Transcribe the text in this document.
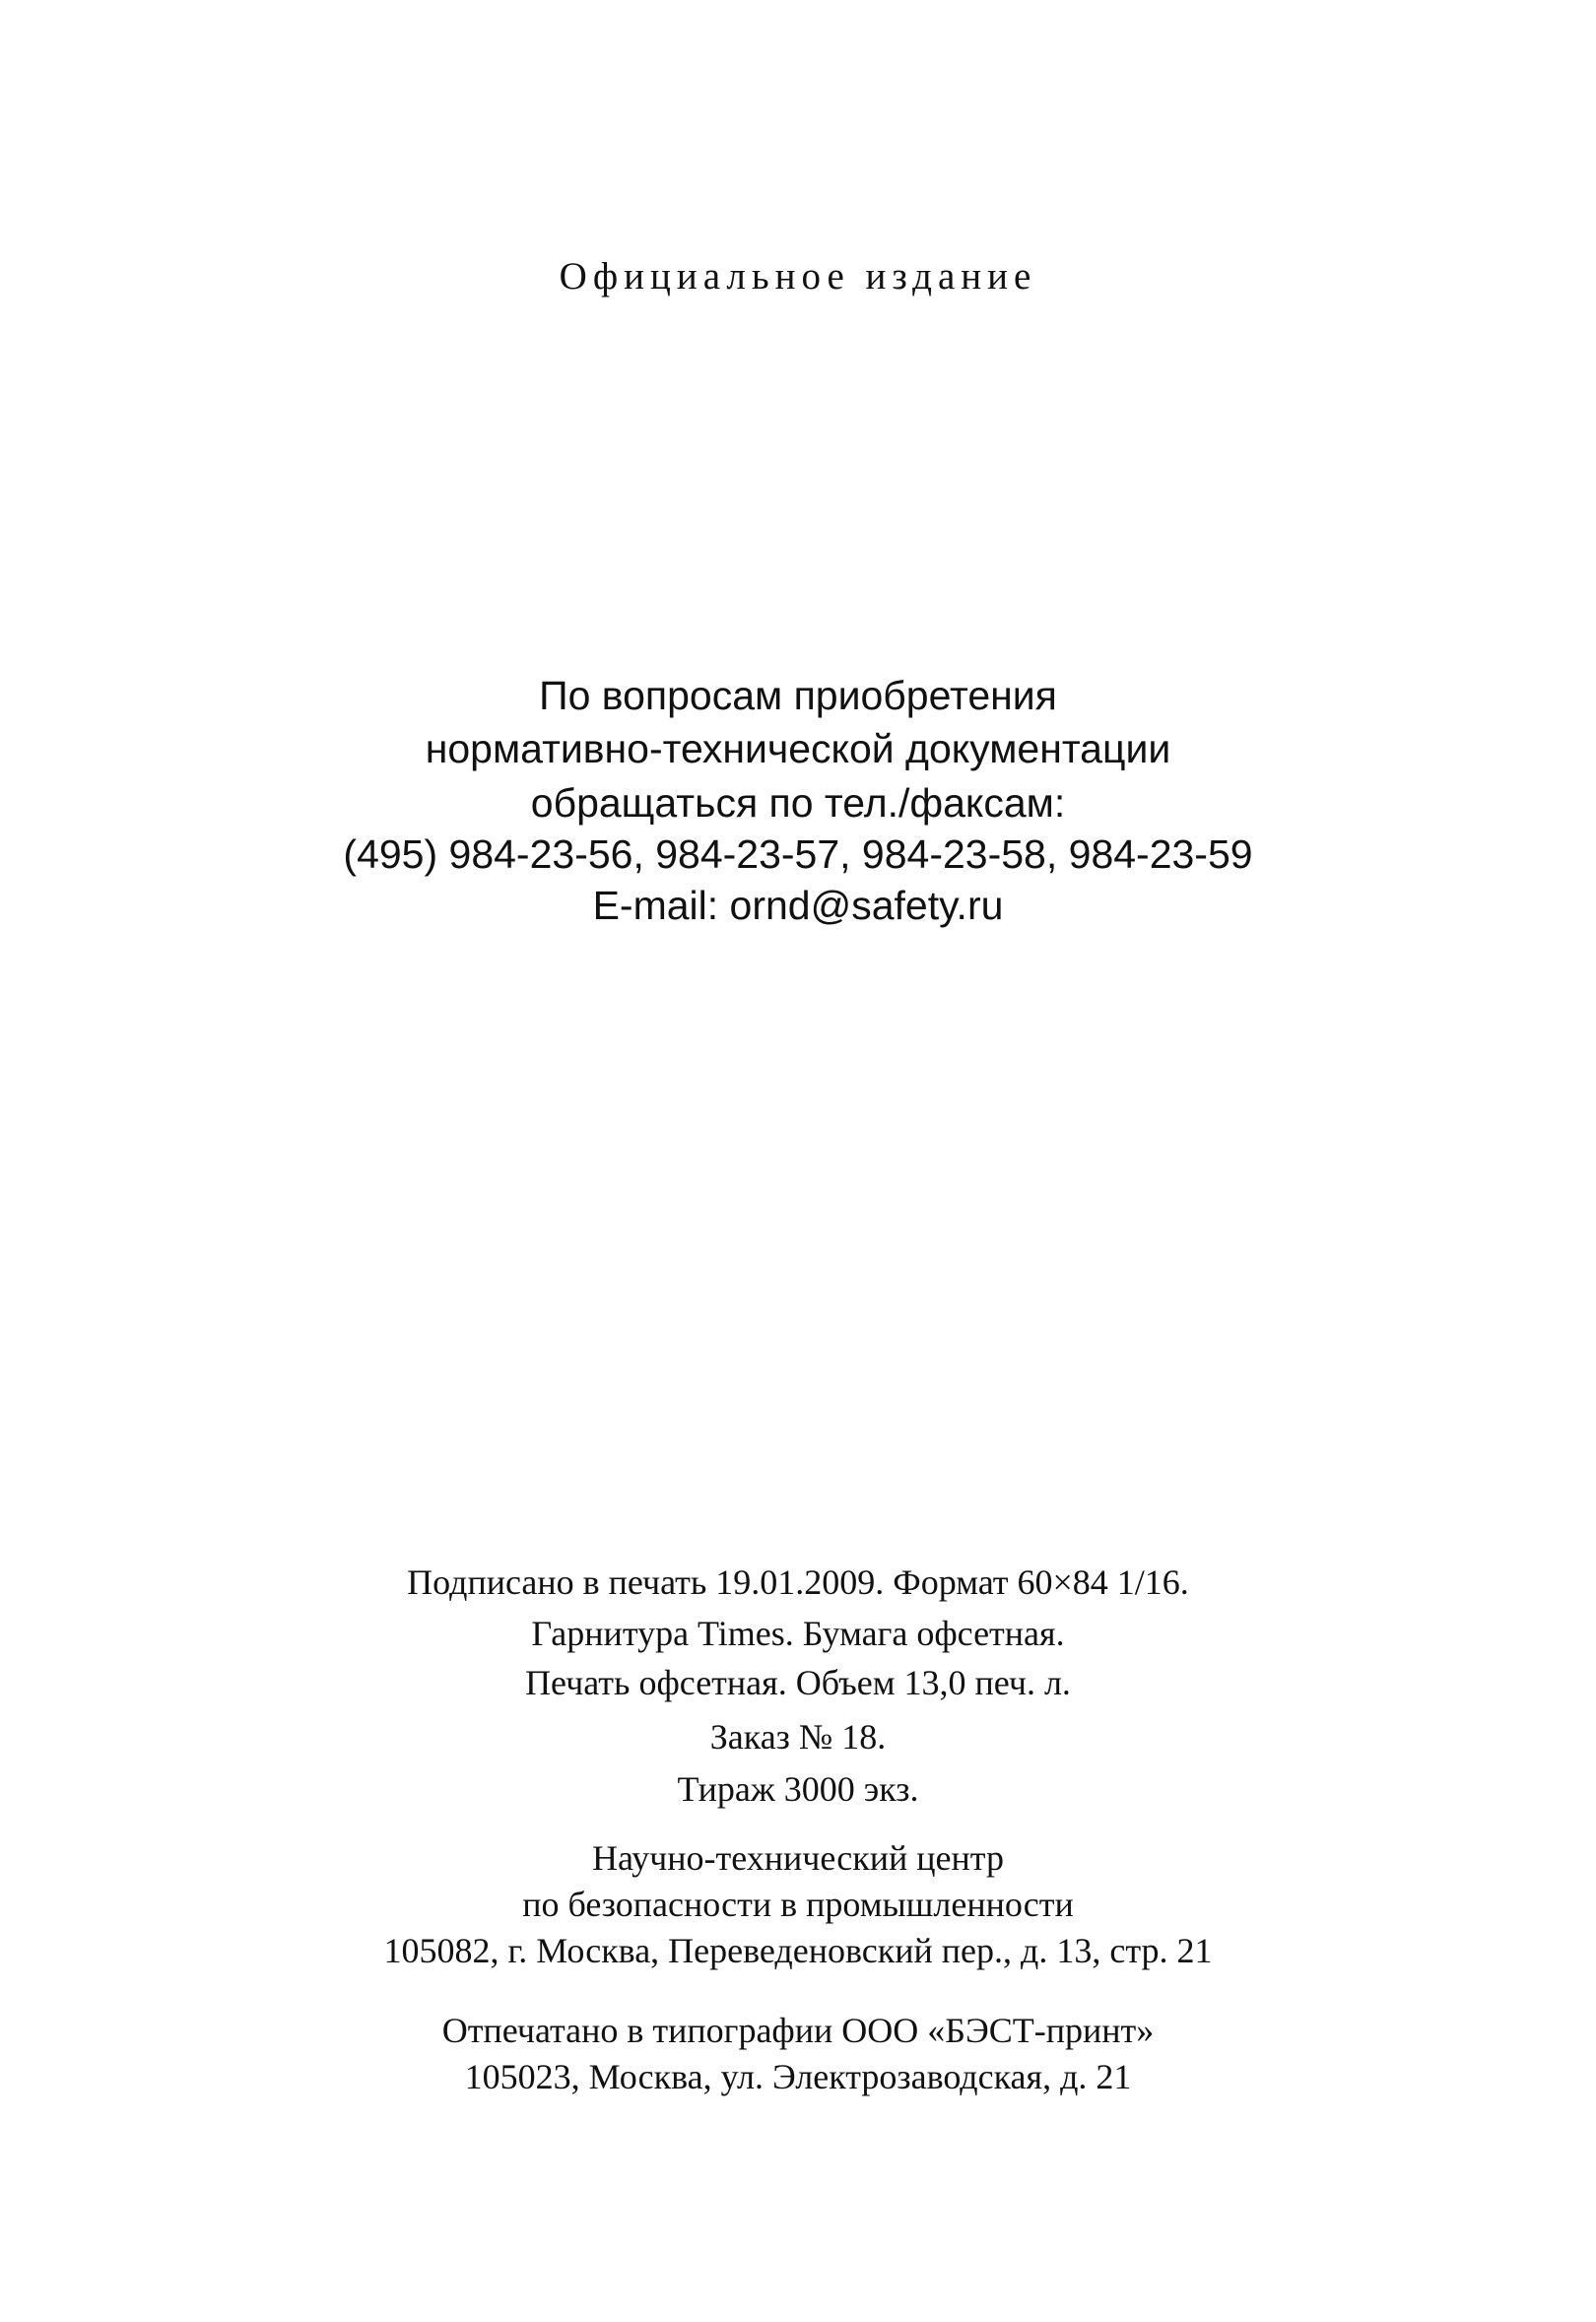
Официальное издание
По вопросам приобретения
нормативно-технической документации
обращаться по тел./факсам:
(495) 984-23-56, 984-23-57, 984-23-58, 984-23-59
E-mail: ornd@safety.ru
Подписано в печать 19.01.2009. Формат 60×84 1/16.
Гарнитура Times. Бумага офсетная.
Печать офсетная. Объем 13,0 печ. л.
Заказ № 18.
Тираж 3000 экз.
Научно-технический центр
по безопасности в промышленности
105082, г. Москва, Переведеновский пер., д. 13, стр. 21
Отпечатано в типографии ООО «БЭСТ-принт»
105023, Москва, ул. Электрозаводская, д. 21
